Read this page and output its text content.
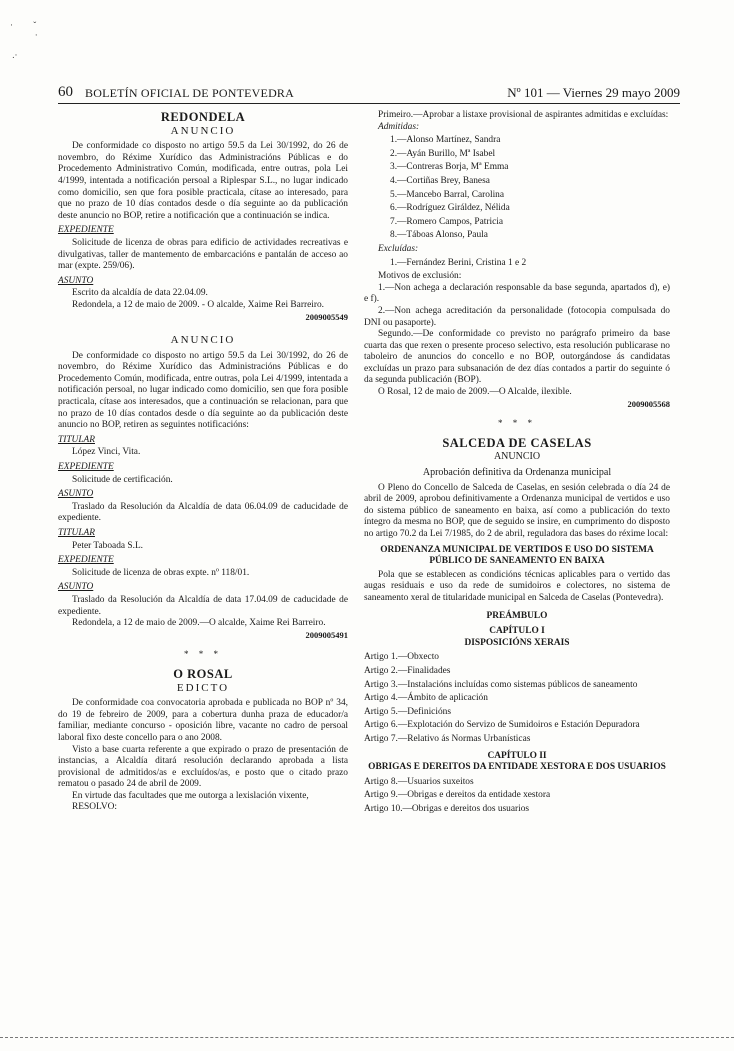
·         ˇ
·

.·
60 BOLETÍN OFICIAL DE PONTEVEDRA	Nº 101 — Viernes 29 mayo 2009
REDONDELA
ANUNCIO

De conformidade co disposto no artigo 59.5 da Lei 30/1992, do 26 de novembro, do Réxime Xurídico das Administracións Públicas e do Procedemento Administrativo Común, modificada, entre outras, pola Lei 4/1999, intentada a notificación persoal a Riplespar S.L., no lugar indicado como domicilio, sen que fora posible practicala, cítase ao interesado, para que no prazo de 10 días contados desde o día seguinte ao da publicación deste anuncio no BOP, retire a notificación que a continuación se indica.

EXPEDIENTE

Solicitude de licenza de obras para edificio de actividades recreativas e divulgativas, taller de mantemento de embarcacións e pantalán de acceso ao mar (expte. 259/06).

ASUNTO

Escrito da alcaldía de data 22.04.09.

Redondela, a 12 de maio de 2009. - O alcalde, Xaime Rei Barreiro.

2009005549
ANUNCIO

De conformidade co disposto no artigo 59.5 da Lei 30/1992, do 26 de novembro, do Réxime Xurídico das Administracións Públicas e do Procedemento Común, modificada, entre outras, pola Lei 4/1999, intentada a notificación persoal, no lugar indicado como domicilio, sen que fora posible practicala, cítase aos interesados, que a continuación se relacionan, para que no prazo de 10 días contados desde o día seguinte ao da publicación deste anuncio no BOP, retiren as seguintes notificacións:

TITULAR

López Vinci, Vita.

EXPEDIENTE

Solicitude de certificación.

ASUNTO

Traslado da Resolución da Alcaldía de data 06.04.09 de caducidade de expediente.

TITULAR

Peter Taboada S.L.

EXPEDIENTE

Solicitude de licenza de obras expte. nº 118/01.

ASUNTO

Traslado da Resolución da Alcaldía de data 17.04.09 de caducidade de expediente.

Redondela, a 12 de maio de 2009.—O alcalde, Xaime Rei Barreiro.

2009005491
* * *
O ROSAL
EDICTO

De conformidade coa convocatoria aprobada e publicada no BOP nº 34, do 19 de febreiro de 2009, para a cobertura dunha praza de educador/a familiar, mediante concurso - oposición libre, vacante no cadro de persoal laboral fixo deste concello para o ano 2008.

Visto a base cuarta referente a que expirado o prazo de presentación de instancias, a Alcaldía ditará resolución declarando aprobada a lista provisional de admitidos/as e excluídos/as, e posto que o citado prazo rematou o pasado 24 de abril de 2009.

En virtude das facultades que me outorga a lexislación vixente,

RESOLVO:

Primeiro.—Aprobar a listaxe provisional de aspirantes admitidas e excluídas:

Admitidas:

1.—Alonso Martínez, Sandra
2.—Ayán Burillo, Mª Isabel
3.—Contreras Borja, Mª Emma
4.—Cortiñas Brey, Banesa
5.—Mancebo Barral, Carolina
6.—Rodríguez Giráldez, Nélida
7.—Romero Campos, Patricia
8.—Táboas Alonso, Paula

Excluídas:

1.—Fernández Berini, Cristina 1 e 2

Motivos de exclusión:

1.—Non achega a declaración responsable da base segunda, apartados d), e) e f).

2.—Non achega acreditación da personalidade (fotocopia compulsada do DNI ou pasaporte).

Segundo.—De conformidade co previsto no parágrafo primeiro da base cuarta das que rexen o presente proceso selectivo, esta resolución publicarase no taboleiro de anuncios do concello e no BOP, outorgándose ás candidatas excluídas un prazo para subsanación de dez días contados a partir do seguinte ó da segunda publicación (BOP).

O Rosal, 12 de maio de 2009.—O Alcalde, ilexible.

2009005568
* * *
SALCEDA DE CASELAS
ANUNCIO
Aprobación definitiva da Ordenanza municipal

O Pleno do Concello de Salceda de Caselas, en sesión celebrada o día 24 de abril de 2009, aprobou definitivamente a Ordenanza municipal de vertidos e uso do sistema público de saneamento en baixa, así como a publicación do texto íntegro da mesma no BOP, que de seguido se insire, en cumprimento do disposto no artigo 70.2 da Lei 7/1985, do 2 de abril, reguladora das bases do réxime local:

ORDENANZA MUNICIPAL DE VERTIDOS E USO DO SISTEMA PÚBLICO DE SANEAMENTO EN BAIXA

Pola que se establecen as condicións técnicas aplicables para o vertido das augas residuais e uso da rede de sumidoiros e colectores, no sistema de saneamento xeral de titularidade municipal en Salceda de Caselas (Pontevedra).

PREÁMBULO
CAPÍTULO I
DISPOSICIÓNS XERAIS

Artigo 1.—Obxecto

Artigo 2.—Finalidades

Artigo 3.—Instalacións incluídas como sistemas públicos de saneamento

Artigo 4.—Ámbito de aplicación

Artigo 5.—Definicións

Artigo 6.—Explotación do Servizo de Sumidoiros e Estación Depuradora

Artigo 7.—Relativo ás Normas Urbanísticas

CAPÍTULO II
OBRIGAS E DEREITOS DA ENTIDADE XESTORA E DOS USUARIOS

Artigo 8.—Usuarios suxeitos

Artigo 9.—Obrigas e dereitos da entidade xestora

Artigo 10.—Obrigas e dereitos dos usuarios
